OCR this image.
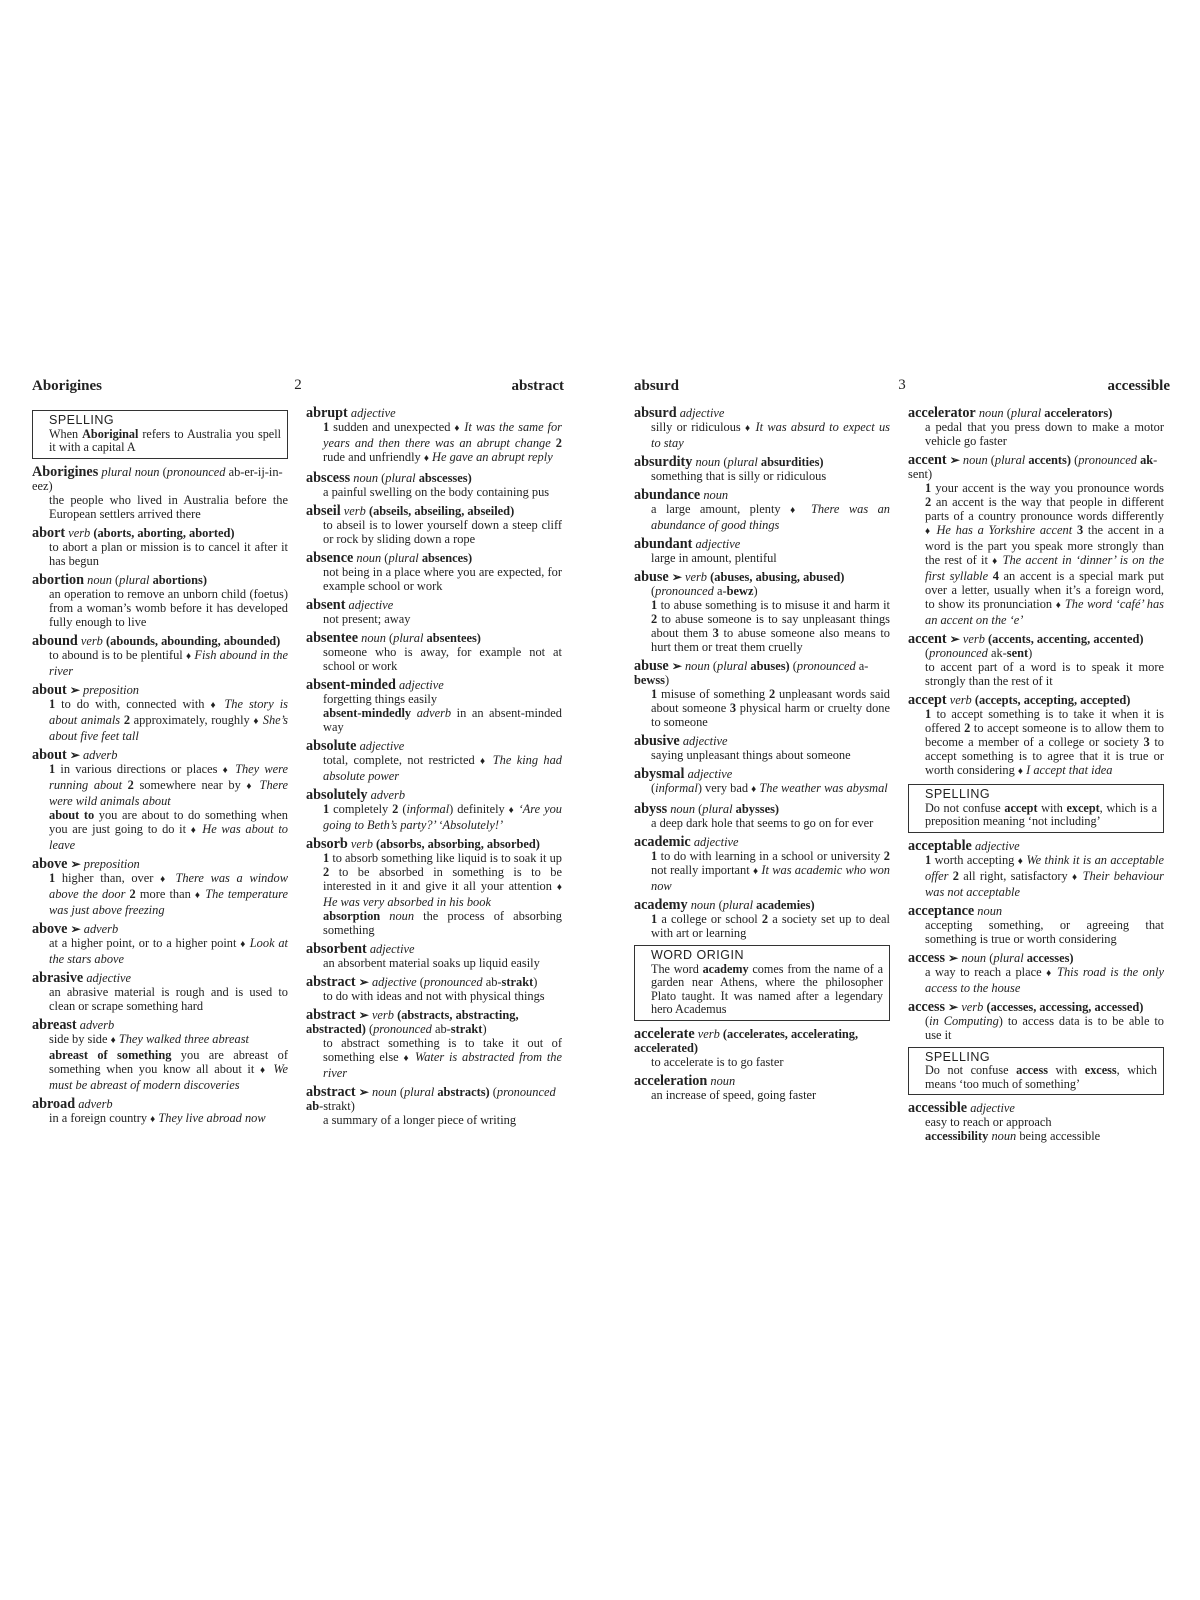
Aborigines	2	abstract
SPELLING
When Aboriginal refers to Australia you spell it with a capital A
Aborigines plural noun (pronounced ab-er-ij-in-eez)
the people who lived in Australia before the European settlers arrived there
abort verb (aborts, aborting, aborted)
to abort a plan or mission is to cancel it after it has begun
abortion noun (plural abortions)
an operation to remove an unborn child (foetus) from a woman’s womb before it has developed fully enough to live
abound verb (abounds, abounding, abounded)
to abound is to be plentiful ♦ Fish abound in the river
about ➢ preposition
1 to do with, connected with ♦ The story is about animals 2 approximately, roughly ♦ She’s about five feet tall
about ➢ adverb
1 in various directions or places ♦ They were running about 2 somewhere near by ♦ There were wild animals about
about to you are about to do something when you are just going to do it ♦ He was about to leave
above ➢ preposition
1 higher than, over ♦ There was a window above the door 2 more than ♦ The temperature was just above freezing
above ➢ adverb
at a higher point, or to a higher point ♦ Look at the stars above
abrasive adjective
an abrasive material is rough and is used to clean or scrape something hard
abreast adverb
side by side ♦ They walked three abreast
abreast of something you are abreast of something when you know all about it ♦ We must be abreast of modern discoveries
abroad adverb
in a foreign country ♦ They live abroad now
abrupt adjective
1 sudden and unexpected ♦ It was the same for years and then there was an abrupt change 2 rude and unfriendly ♦ He gave an abrupt reply
abscess noun (plural abscesses)
a painful swelling on the body containing pus
abseil verb (abseils, abseiling, abseiled)
to abseil is to lower yourself down a steep cliff or rock by sliding down a rope
absence noun (plural absences)
not being in a place where you are expected, for example school or work
absent adjective
not present; away
absentee noun (plural absentees)
someone who is away, for example not at school or work
absent-minded adjective
forgetting things easily
absent-mindedly adverb in an absent-minded way
absolute adjective
total, complete, not restricted ♦ The king had absolute power
absolutely adverb
1 completely 2 (informal) definitely ♦ ‘Are you going to Beth’s party?’ ‘Absolutely!’
absorb verb (absorbs, absorbing, absorbed)
1 to absorb something like liquid is to soak it up 2 to be absorbed in something is to be interested in it and give it all your attention ♦ He was very absorbed in his book
absorption noun the process of absorbing something
absorbent adjective
an absorbent material soaks up liquid easily
abstract ➢ adjective (pronounced ab-strakt)
to do with ideas and not with physical things
abstract ➢ verb (abstracts, abstracting, abstracted) (pronounced ab-strakt)
to abstract something is to take it out of something else ♦ Water is abstracted from the river
abstract ➢ noun (plural abstracts) (pronounced ab-strakt)
a summary of a longer piece of writing
absurd	3	accessible
absurd adjective
silly or ridiculous ♦ It was absurd to expect us to stay
absurdity noun (plural absurdities)
something that is silly or ridiculous
abundance noun
a large amount, plenty ♦ There was an abundance of good things
abundant adjective
large in amount, plentiful
abuse ➢ verb (abuses, abusing, abused)
(pronounced a-bewz)
1 to abuse something is to misuse it and harm it 2 to abuse someone is to say unpleasant things about them 3 to abuse someone also means to hurt them or treat them cruelly
abuse ➢ noun (plural abuses) (pronounced a-bewss)
1 misuse of something 2 unpleasant words said about someone 3 physical harm or cruelty done to someone
abusive adjective
saying unpleasant things about someone
abysmal adjective
(informal) very bad ♦ The weather was abysmal
abyss noun (plural abysses)
a deep dark hole that seems to go on for ever
academic adjective
1 to do with learning in a school or university 2 not really important ♦ It was academic who won now
academy noun (plural academies)
1 a college or school 2 a society set up to deal with art or learning
WORD ORIGIN
The word academy comes from the name of a garden near Athens, where the philosopher Plato taught. It was named after a legendary hero Academus
accelerate verb (accelerates, accelerating, accelerated)
to accelerate is to go faster
acceleration noun
an increase of speed, going faster
accelerator noun (plural accelerators)
a pedal that you press down to make a motor vehicle go faster
accent ➢ noun (plural accents) (pronounced ak-sent)
1 your accent is the way you pronounce words 2 an accent is the way that people in different parts of a country pronounce words differently ♦ He has a Yorkshire accent 3 the accent in a word is the part you speak more strongly than the rest of it ♦ The accent in ‘dinner’ is on the first syllable 4 an accent is a special mark put over a letter, usually when it’s a foreign word, to show its pronunciation ♦ The word ‘café’ has an accent on the ‘e’
accent ➢ verb (accents, accenting, accented)
(pronounced ak-sent)
to accent part of a word is to speak it more strongly than the rest of it
accept verb (accepts, accepting, accepted)
1 to accept something is to take it when it is offered 2 to accept someone is to allow them to become a member of a college or society 3 to accept something is to agree that it is true or worth considering ♦ I accept that idea
SPELLING
Do not confuse accept with except, which is a preposition meaning ‘not including’
acceptable adjective
1 worth accepting ♦ We think it is an acceptable offer 2 all right, satisfactory ♦ Their behaviour was not acceptable
acceptance noun
accepting something, or agreeing that something is true or worth considering
access ➢ noun (plural accesses)
a way to reach a place ♦ This road is the only access to the house
access ➢ verb (accesses, accessing, accessed)
(in Computing) to access data is to be able to use it
SPELLING
Do not confuse access with excess, which means ‘too much of something’
accessible adjective
easy to reach or approach
accessibility noun being accessible
